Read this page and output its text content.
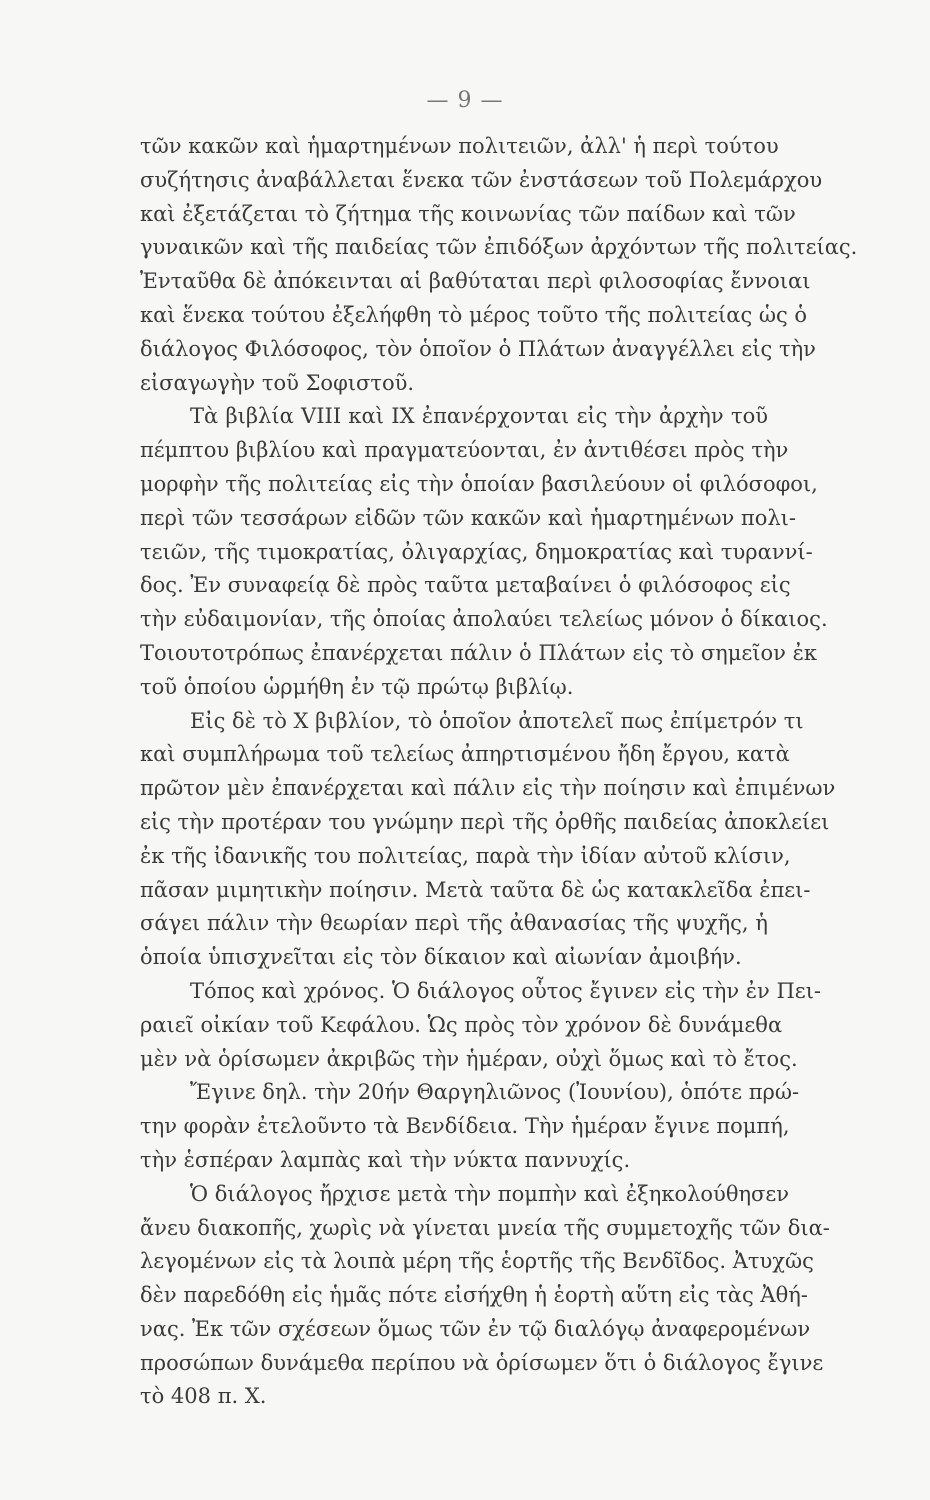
— 9 —
τῶν κακῶν καὶ ἡμαρτημένων πολιτειῶν, ἀλλ' ἡ περὶ τούτου
συζήτησις ἀναβάλλεται ἕνεκα τῶν ἐνστάσεων τοῦ Πολεμάρχου
καὶ ἐξετάζεται τὸ ζήτημα τῆς κοινωνίας τῶν παίδων καὶ τῶν
γυναικῶν καὶ τῆς παιδείας τῶν ἐπιδόξων ἀρχόντων τῆς πολιτείας.
Ἐνταῦθα δὲ ἀπόκεινται αἱ βαθύταται περὶ φιλοσοφίας ἔννοιαι
καὶ ἕνεκα τούτου ἐξελήφθη τὸ μέρος τοῦτο τῆς πολιτείας ὡς ὁ
διάλογος Φιλόσοφος, τὸν ὁποῖον ὁ Πλάτων ἀναγγέλλει εἰς τὴν
εἰσαγωγὴν τοῦ Σοφιστοῦ.
Τὰ βιβλία VIII καὶ IX ἐπανέρχονται εἰς τὴν ἀρχὴν τοῦ
πέμπτου βιβλίου καὶ πραγματεύονται, ἐν ἀντιθέσει πρὸς τὴν
μορφὴν τῆς πολιτείας εἰς τὴν ὁποίαν βασιλεύουν οἱ φιλόσοφοι,
περὶ τῶν τεσσάρων εἰδῶν τῶν κακῶν καὶ ἡμαρτημένων πολι-
τειῶν, τῆς τιμοκρατίας, ὀλιγαρχίας, δημοκρατίας καὶ τυραννί-
δος. Ἐν συναφείᾳ δὲ πρὸς ταῦτα μεταβαίνει ὁ φιλόσοφος εἰς
τὴν εὐδαιμονίαν, τῆς ὁποίας ἀπολαύει τελείως μόνον ὁ δίκαιος.
Τοιουτοτρόπως ἐπανέρχεται πάλιν ὁ Πλάτων εἰς τὸ σημεῖον ἐκ
τοῦ ὁποίου ὡρμήθη ἐν τῷ πρώτῳ βιβλίῳ.
Εἰς δὲ τὸ X βιβλίον, τὸ ὁποῖον ἀποτελεῖ πως ἐπίμετρόν τι
καὶ συμπλήρωμα τοῦ τελείως ἀπηρτισμένου ἤδη ἔργου, κατὰ
πρῶτον μὲν ἐπανέρχεται καὶ πάλιν εἰς τὴν ποίησιν καὶ ἐπιμένων
εἰς τὴν προτέραν του γνώμην περὶ τῆς ὀρθῆς παιδείας ἀποκλείει
ἐκ τῆς ἰδανικῆς του πολιτείας, παρὰ τὴν ἰδίαν αὐτοῦ κλίσιν,
πᾶσαν μιμητικὴν ποίησιν. Μετὰ ταῦτα δὲ ὡς κατακλεῖδα ἐπει-
σάγει πάλιν τὴν θεωρίαν περὶ τῆς ἀθανασίας τῆς ψυχῆς, ἡ
ὁποία ὑπισχνεῖται εἰς τὸν δίκαιον καὶ αἰωνίαν ἀμοιβήν.
Τόπος καὶ χρόνος. Ὁ διάλογος οὗτος ἔγινεν εἰς τὴν ἐν Πει-
ραιεῖ οἰκίαν τοῦ Κεφάλου. Ὡς πρὸς τὸν χρόνον δὲ δυνάμεθα
μὲν νὰ ὁρίσωμεν ἀκριβῶς τὴν ἡμέραν, οὐχὶ ὅμως καὶ τὸ ἔτος.
Ἔγινε δηλ. τὴν 20ήν Θαργηλιῶνος (Ἰουνίου), ὁπότε πρώ-
την φορὰν ἐτελοῦντο τὰ Βενδίδεια. Τὴν ἡμέραν ἔγινε πομπή,
τὴν ἑσπέραν λαμπὰς καὶ τὴν νύκτα παννυχίς.
Ὁ διάλογος ἤρχισε μετὰ τὴν πομπὴν καὶ ἐξηκολούθησεν
ἄνευ διακοπῆς, χωρὶς νὰ γίνεται μνεία τῆς συμμετοχῆς τῶν δια-
λεγομένων εἰς τὰ λοιπὰ μέρη τῆς ἑορτῆς τῆς Βενδῖδος. Ἀτυχῶς
δὲν παρεδόθη εἰς ἡμᾶς πότε εἰσήχθη ἡ ἑορτὴ αὕτη εἰς τὰς Ἀθή-
νας. Ἐκ τῶν σχέσεων ὅμως τῶν ἐν τῷ διαλόγῳ ἀναφερομένων
προσώπων δυνάμεθα περίπου νὰ ὁρίσωμεν ὅτι ὁ διάλογος ἔγινε
τὸ 408 π. Χ.
